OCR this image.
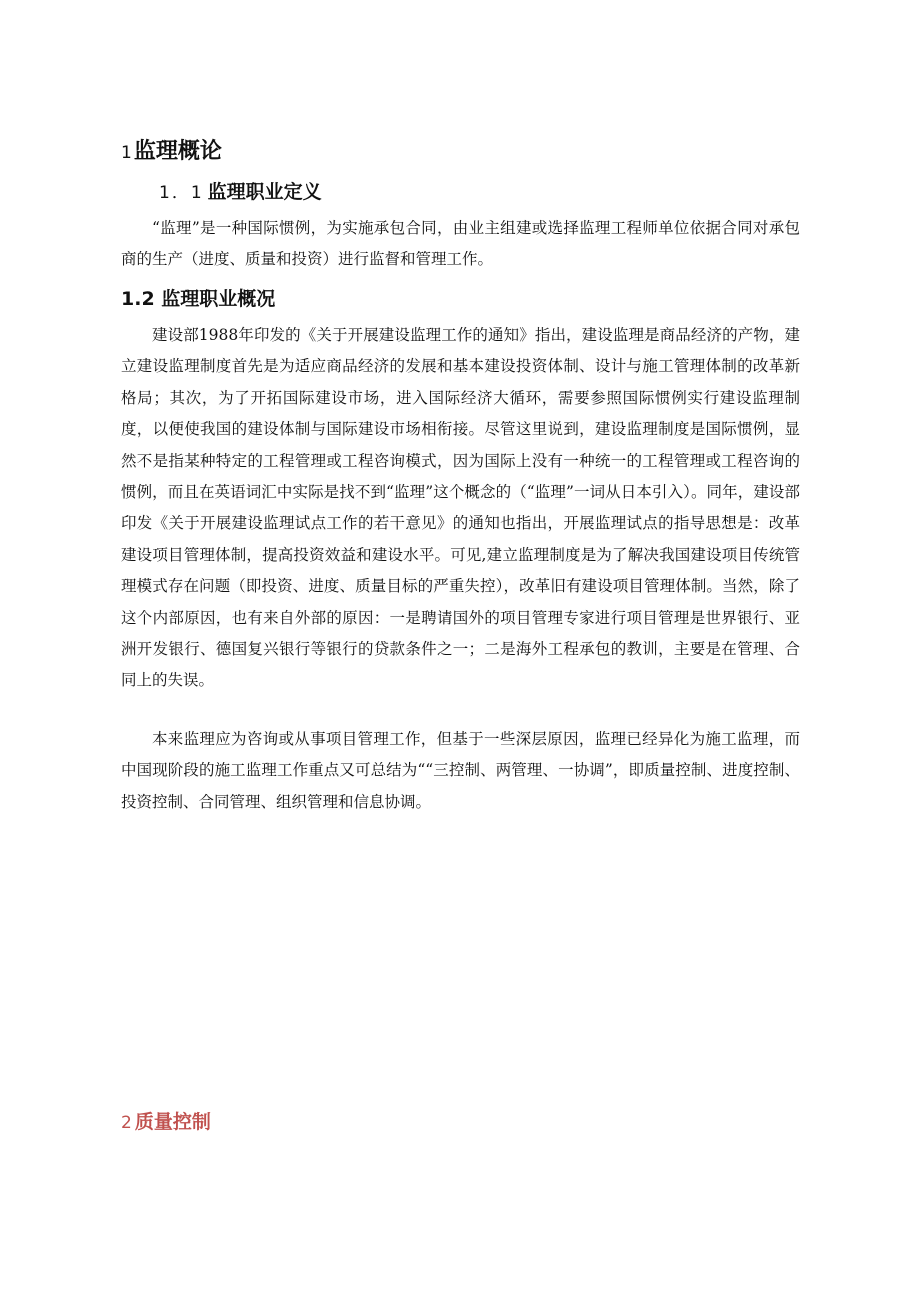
1监理概论
1．1 监理职业定义

“监理”是一种国际惯例，为实施承包合同，由业主组建或选择监理工程师单位依据合同对承包商的生产（进度、质量和投资）进行监督和管理工作。

1.2 监理职业概况

建设部1988年印发的《关于开展建设监理工作的通知》指出，建设监理是商品经济的产物，建立建设监理制度首先是为适应商品经济的发展和基本建设投资体制、设计与施工管理体制的改革新格局；其次，为了开拓国际建设市场，进入国际经济大循环，需要参照国际惯例实行建设监理制度，以便使我国的建设体制与国际建设市场相衔接。尽管这里说到，建设监理制度是国际惯例，显然不是指某种特定的工程管理或工程咨询模式，因为国际上没有一种统一的工程管理或工程咨询的惯例，而且在英语词汇中实际是找不到“监理”这个概念的（“监理”一词从日本引入）。同年，建设部印发《关于开展建设监理试点工作的若干意见》的通知也指出，开展监理试点的指导思想是：改革建设项目管理体制，提高投资效益和建设水平。可见,建立监理制度是为了解决我国建设项目传统管理模式存在问题（即投资、进度、质量目标的严重失控），改革旧有建设项目管理体制。当然，除了这个内部原因，也有来自外部的原因：一是聘请国外的项目管理专家进行项目管理是世界银行、亚洲开发银行、德国复兴银行等银行的贷款条件之一；二是海外工程承包的教训，主要是在管理、合同上的失误。

本来监理应为咨询或从事项目管理工作，但基于一些深层原因，监理已经异化为施工监理，而中国现阶段的施工监理工作重点又可总结为““三控制、两管理、一协调”，即质量控制、进度控制、投资控制、合同管理、组织管理和信息协调。

2 质量控制
